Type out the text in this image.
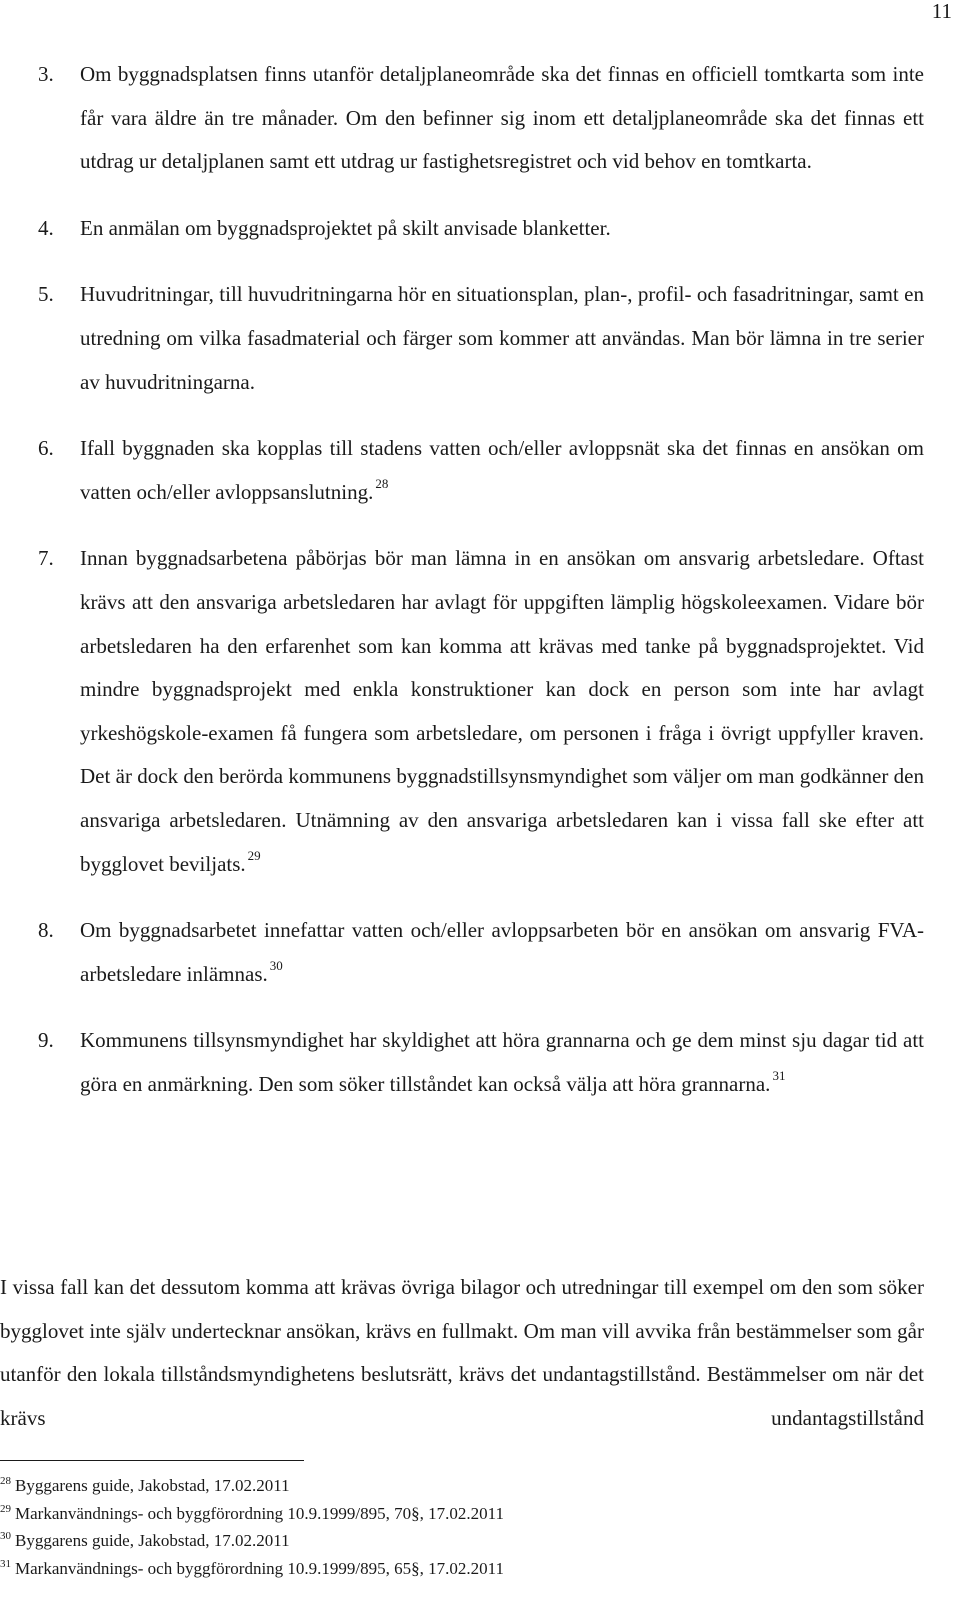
11
3. Om byggnadsplatsen finns utanför detaljplaneområde ska det finnas en officiell tomtkarta som inte får vara äldre än tre månader. Om den befinner sig inom ett detaljplaneområde ska det finnas ett utdrag ur detaljplanen samt ett utdrag ur fastighetsregistret och vid behov en tomtkarta.
4. En anmälan om byggnadsprojektet på skilt anvisade blanketter.
5. Huvudritningar, till huvudritningarna hör en situationsplan, plan-, profil- och fasadritningar, samt en utredning om vilka fasadmaterial och färger som kommer att användas. Man bör lämna in tre serier av huvudritningarna.
6. Ifall byggnaden ska kopplas till stadens vatten och/eller avloppsnät ska det finnas en ansökan om vatten och/eller avloppsanslutning. $^{28}$
7. Innan byggnadsarbetena påbörjas bör man lämna in en ansökan om ansvarig arbetsledare. Oftast krävs att den ansvariga arbetsledaren har avlagt för uppgiften lämplig högskoleexamen. Vidare bör arbetsledaren ha den erfarenhet som kan komma att krävas med tanke på byggnadsprojektet. Vid mindre byggnadsprojekt med enkla konstruktioner kan dock en person som inte har avlagt yrkeshögskole-examen få fungera som arbetsledare, om personen i fråga i övrigt uppfyller kraven. Det är dock den berörda kommunens byggnadstillsynsmyndighet som väljer om man godkänner den ansvariga arbetsledaren. Utnämning av den ansvariga arbetsledaren kan i vissa fall ske efter att bygglovet beviljats. $^{29}$
8. Om byggnadsarbetet innefattar vatten och/eller avloppsarbeten bör en ansökan om ansvarig FVA-arbetsledare inlämnas. $^{30}$
9. Kommunens tillsynsmyndighet har skyldighet att höra grannarna och ge dem minst sju dagar tid att göra en anmärkning. Den som söker tillståndet kan också välja att höra grannarna. $^{31}$
I vissa fall kan det dessutom komma att krävas övriga bilagor och utredningar till exempel om den som söker bygglovet inte själv undertecknar ansökan, krävs en fullmakt. Om man vill avvika från bestämmelser som går utanför den lokala tillståndsmyndighetens beslutsrätt, krävs det undantagstillstånd. Bestämmelser om när det krävs undantagstillstånd
$^{28}$ Byggarens guide, Jakobstad, 17.02.2011
$^{29}$ Markanvändnings- och byggförordning 10.9.1999/895, 70§, 17.02.2011
$^{30}$ Byggarens guide, Jakobstad, 17.02.2011
$^{31}$ Markanvändnings- och byggförordning 10.9.1999/895, 65§, 17.02.2011
